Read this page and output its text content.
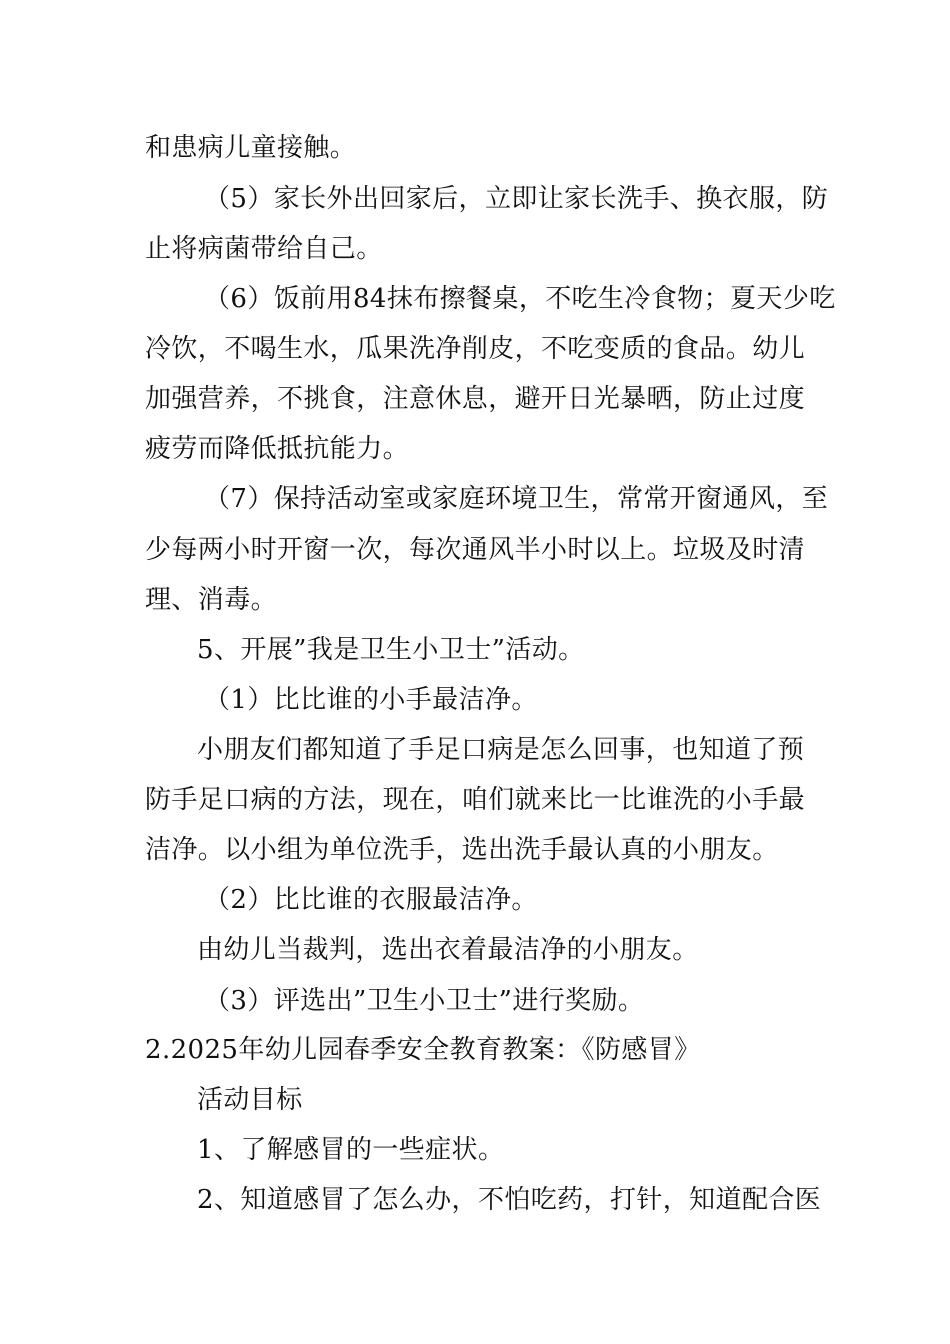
和患病儿童接触。
（5）家长外出回家后，立即让家长洗手、换衣服，防
止将病菌带给自己。
（6）饭前用84抹布擦餐桌，不吃生冷食物；夏天少吃
冷饮，不喝生水，瓜果洗净削皮，不吃变质的食品。幼儿
加强营养，不挑食，注意休息，避开日光暴晒，防止过度
疲劳而降低抵抗能力。
（7）保持活动室或家庭环境卫生，常常开窗通风，至
少每两小时开窗一次，每次通风半小时以上。垃圾及时清
理、消毒。
5、开展”我是卫生小卫士”活动。
（1）比比谁的小手最洁净。
小朋友们都知道了手足口病是怎么回事，也知道了预
防手足口病的方法，现在，咱们就来比一比谁洗的小手最
洁净。以小组为单位洗手，选出洗手最认真的小朋友。
（2）比比谁的衣服最洁净。
由幼儿当裁判，选出衣着最洁净的小朋友。
（3）评选出”卫生小卫士”进行奖励。
2.2025年幼儿园春季安全教育教案：《防感冒》
活动目标
1、了解感冒的一些症状。
2、知道感冒了怎么办，不怕吃药，打针，知道配合医
